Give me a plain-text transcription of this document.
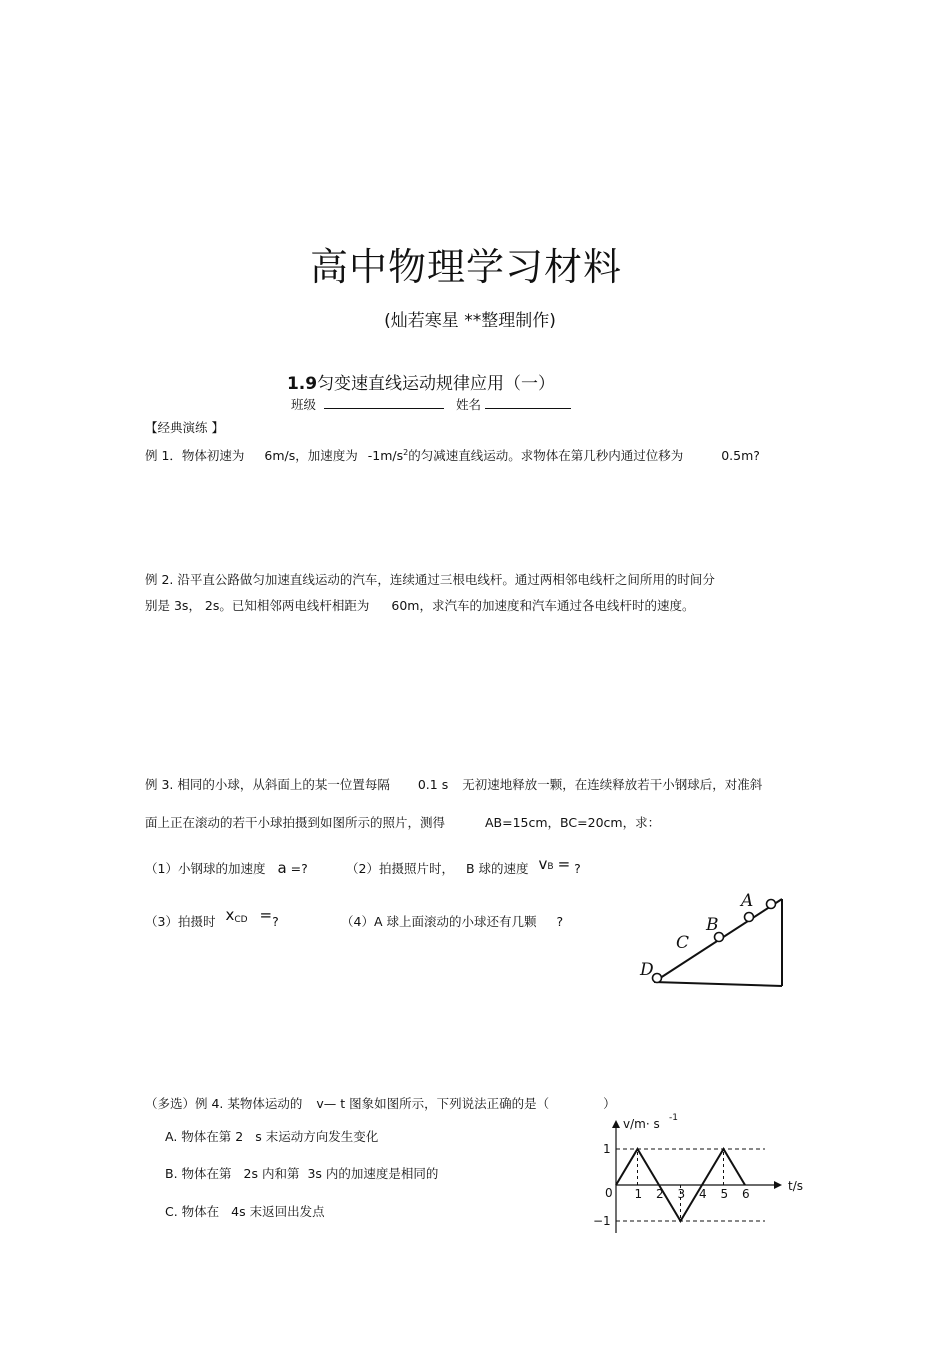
高中物理学习材料
(灿若寒星 **整理制作)
1.9匀变速直线运动规律应用（一）
班级	姓名
【经典演练 】
例 1．物体初速为 6m/s，加速度为 $-1m/s^2$的匀减速直线运动。求物体在第几秒内通过位移为	0.5m?
例 2. 沿平直公路做匀加速直线运动的汽车，连续通过三根电线杆。通过两相邻电线杆之间所用的时间分
别是 3s， 2s。已知相邻两电线杆相距为 60m，求汽车的加速度和汽车通过各电线杆时的速度。
例 3. 相同的小球，从斜面上的某一位置每隔 0.1 s 无初速地释放一颗，在连续释放若干小钢球后，对准斜
面上正在滚动的若干小球拍摄到如图所示的照片，测得	AB=15cm，BC=20cm，求：
（1）小钢球的加速度 a =?	（2）拍摄照片时， B 球的速度 $v^B$ = ?
（3）拍摄时 $x^{CD}$ =?	（4）A 球上面滚动的小球还有几颗 ?
A
B
C
D
（多选）例 4. 某物体运动的 v— t 图象如图所示，下列说法正确的是（	）
A. 物体在第 2 s 末运动方向发生变化
B. 物体在第 2s 内和第 3s 内的加速度是相同的
C. 物体在 4s 末返回出发点
v/m· s -1
t/s
0 1 2 3 4 5 6
1
−1
